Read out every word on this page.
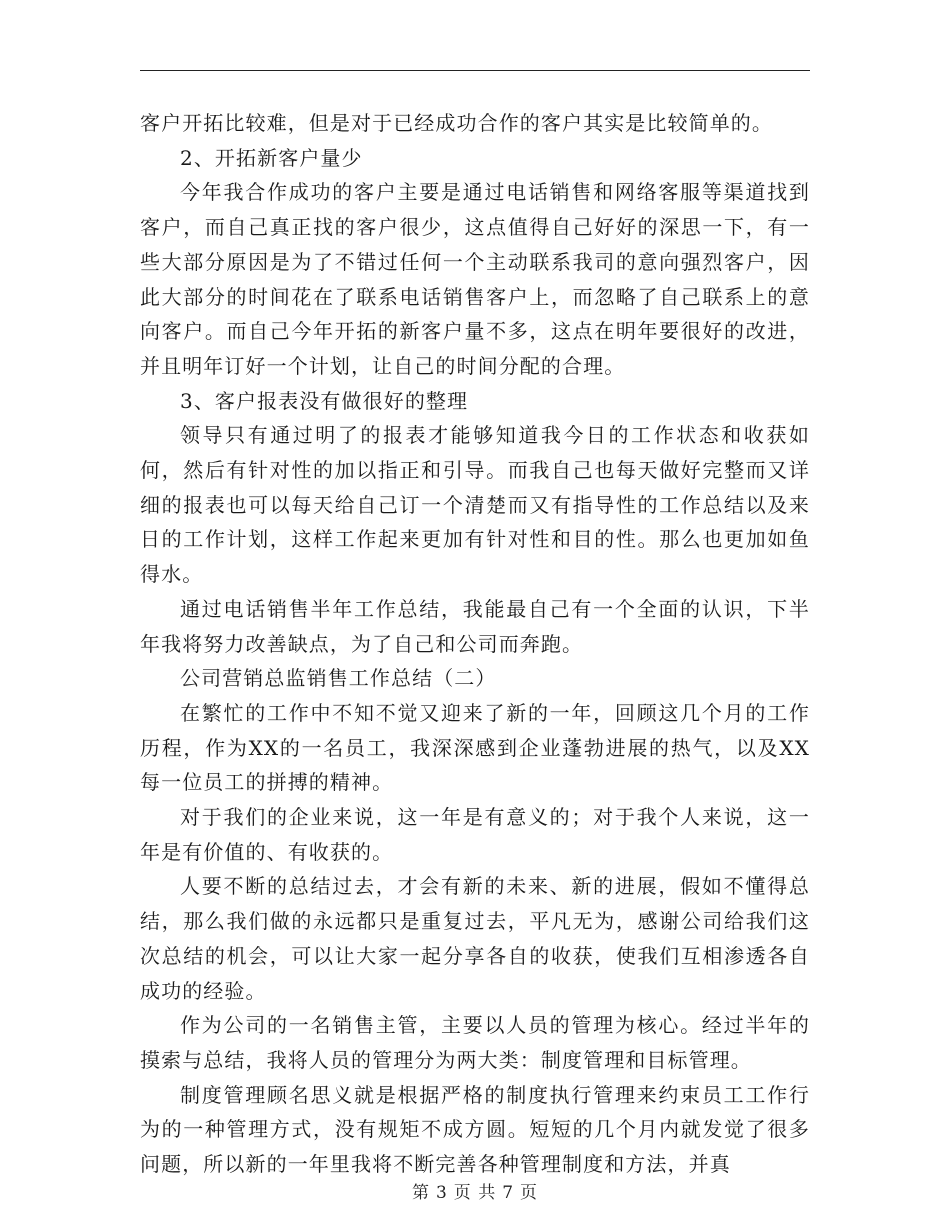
客户开拓比较难，但是对于已经成功合作的客户其实是比较简单的。

2、开拓新客户量少

今年我合作成功的客户主要是通过电话销售和网络客服等渠道找到客户，而自己真正找的客户很少，这点值得自己好好的深思一下，有一些大部分原因是为了不错过任何一个主动联系我司的意向强烈客户，因此大部分的时间花在了联系电话销售客户上，而忽略了自己联系上的意向客户。而自己今年开拓的新客户量不多，这点在明年要很好的改进，并且明年订好一个计划，让自己的时间分配的合理。

3、客户报表没有做很好的整理

领导只有通过明了的报表才能够知道我今日的工作状态和收获如何，然后有针对性的加以指正和引导。而我自己也每天做好完整而又详细的报表也可以每天给自己订一个清楚而又有指导性的工作总结以及来日的工作计划，这样工作起来更加有针对性和目的性。那么也更加如鱼得水。

通过电话销售半年工作总结，我能最自己有一个全面的认识，下半年我将努力改善缺点，为了自己和公司而奔跑。

公司营销总监销售工作总结（二）

在繁忙的工作中不知不觉又迎来了新的一年，回顾这几个月的工作历程，作为XX的一名员工，我深深感到企业蓬勃进展的热气，以及XX每一位员工的拼搏的精神。

对于我们的企业来说，这一年是有意义的；对于我个人来说，这一年是有价值的、有收获的。

人要不断的总结过去，才会有新的未来、新的进展，假如不懂得总结，那么我们做的永远都只是重复过去，平凡无为，感谢公司给我们这次总结的机会，可以让大家一起分享各自的收获，使我们互相渗透各自成功的经验。

作为公司的一名销售主管，主要以人员的管理为核心。经过半年的摸索与总结，我将人员的管理分为两大类：制度管理和目标管理。

制度管理顾名思义就是根据严格的制度执行管理来约束员工工作行为的一种管理方式，没有规矩不成方圆。短短的几个月内就发觉了很多问题，所以新的一年里我将不断完善各种管理制度和方法，并真

第 3 页 共 7 页
